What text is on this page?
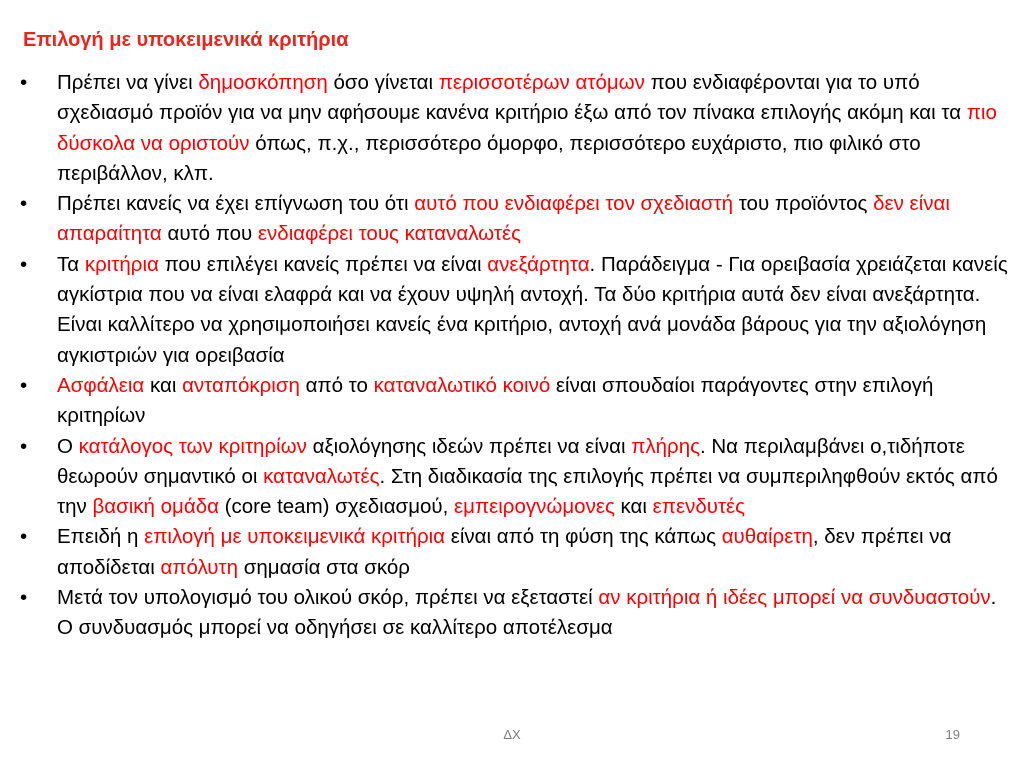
Επιλογή με υποκειμενικά κριτήρια
• Πρέπει να γίνει δημοσκόπηση όσο γίνεται περισσοτέρων ατόμων που ενδιαφέρονται για το υπό σχεδιασμό προϊόν για να μην αφήσουμε κανένα κριτήριο έξω από τον πίνακα επιλογής ακόμη και τα πιο δύσκολα να οριστούν όπως, π.χ., περισσότερο όμορφο, περισσότερο ευχάριστο, πιο φιλικό στο περιβάλλον, κλπ.
• Πρέπει κανείς να έχει επίγνωση του ότι αυτό που ενδιαφέρει τον σχεδιαστή του προϊόντος δεν είναι απαραίτητα αυτό που ενδιαφέρει τους καταναλωτές
• Τα κριτήρια που επιλέγει κανείς πρέπει να είναι ανεξάρτητα. Παράδειγμα - Για ορειβασία χρειάζεται κανείς αγκίστρια που να είναι ελαφρά και να έχουν υψηλή αντοχή. Τα δύο κριτήρια αυτά δεν είναι ανεξάρτητα. Είναι καλλίτερο να χρησιμοποιήσει κανείς ένα κριτήριο, αντοχή ανά μονάδα βάρους για την αξιολόγηση αγκιστριών για ορειβασία
• Ασφάλεια και ανταπόκριση από το καταναλωτικό κοινό είναι σπουδαίοι παράγοντες στην επιλογή κριτηρίων
• Ο κατάλογος των κριτηρίων αξιολόγησης ιδεών πρέπει να είναι πλήρης. Να περιλαμβάνει ο,τιδήποτε θεωρούν σημαντικό οι καταναλωτές. Στη διαδικασία της επιλογής πρέπει να συμπεριληφθούν εκτός από την βασική ομάδα (core team) σχεδιασμού, εμπειρογνώμονες και επενδυτές
• Επειδή η επιλογή με υποκειμενικά κριτήρια είναι από τη φύση της κάπως αυθαίρετη, δεν πρέπει να αποδίδεται απόλυτη σημασία στα σκόρ
• Μετά τον υπολογισμό του ολικού σκόρ, πρέπει να εξεταστεί αν κριτήρια ή ιδέες μπορεί να συνδυαστούν. Ο συνδυασμός μπορεί να οδηγήσει σε καλλίτερο αποτέλεσμα
ΔΧ	19
